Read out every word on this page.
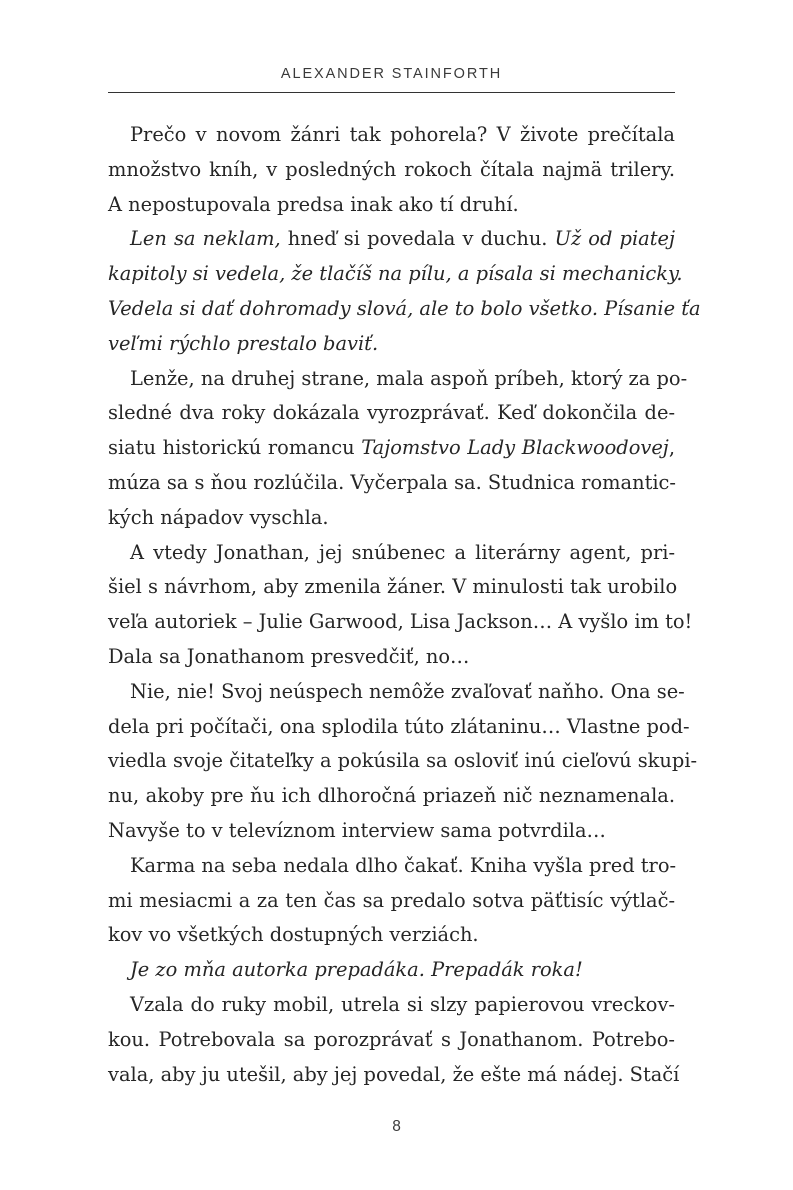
ALEXANDER STAINFORTH
Prečo v novom žánri tak pohorela? V živote prečítala
množstvo kníh, v posledných rokoch čítala najmä trilery.
A nepostupovala predsa inak ako tí druhí.
Len sa neklam, hneď si povedala v duchu. Už od piatej
kapitoly si vedela, že tlačíš na pílu, a písala si mechanicky.
Vedela si dať dohromady slová, ale to bolo všetko. Písanie ťa
veľmi rýchlo prestalo baviť.
Lenže, na druhej strane, mala aspoň príbeh, ktorý za po-
sledné dva roky dokázala vyrozprávať. Keď dokončila de-
siatu historickú romancu Tajomstvo Lady Blackwoodovej,
múza sa s ňou rozlúčila. Vyčerpala sa. Studnica romantic-
kých nápadov vyschla.
A vtedy Jonathan, jej snúbenec a literárny agent, pri-
šiel s návrhom, aby zmenila žáner. V minulosti tak urobilo
veľa autoriek – Julie Garwood, Lisa Jackson… A vyšlo im to!
Dala sa Jonathanom presvedčiť, no…
Nie, nie! Svoj neúspech nemôže zvaľovať naňho. Ona se-
dela pri počítači, ona splodila túto zlátaninu… Vlastne pod-
viedla svoje čitateľky a pokúsila sa osloviť inú cieľovú skupi-
nu, akoby pre ňu ich dlhoročná priazeň nič neznamenala.
Navyše to v televíznom interview sama potvrdila…
Karma na seba nedala dlho čakať. Kniha vyšla pred tro-
mi mesiacmi a za ten čas sa predalo sotva päťtisíc výtlač-
kov vo všetkých dostupných verziách.
Je zo mňa autorka prepadáka. Prepadák roka!
Vzala do ruky mobil, utrela si slzy papierovou vreckov-
kou. Potrebovala sa porozprávať s Jonathanom. Potrebo-
vala, aby ju utešil, aby jej povedal, že ešte má nádej. Stačí
8
